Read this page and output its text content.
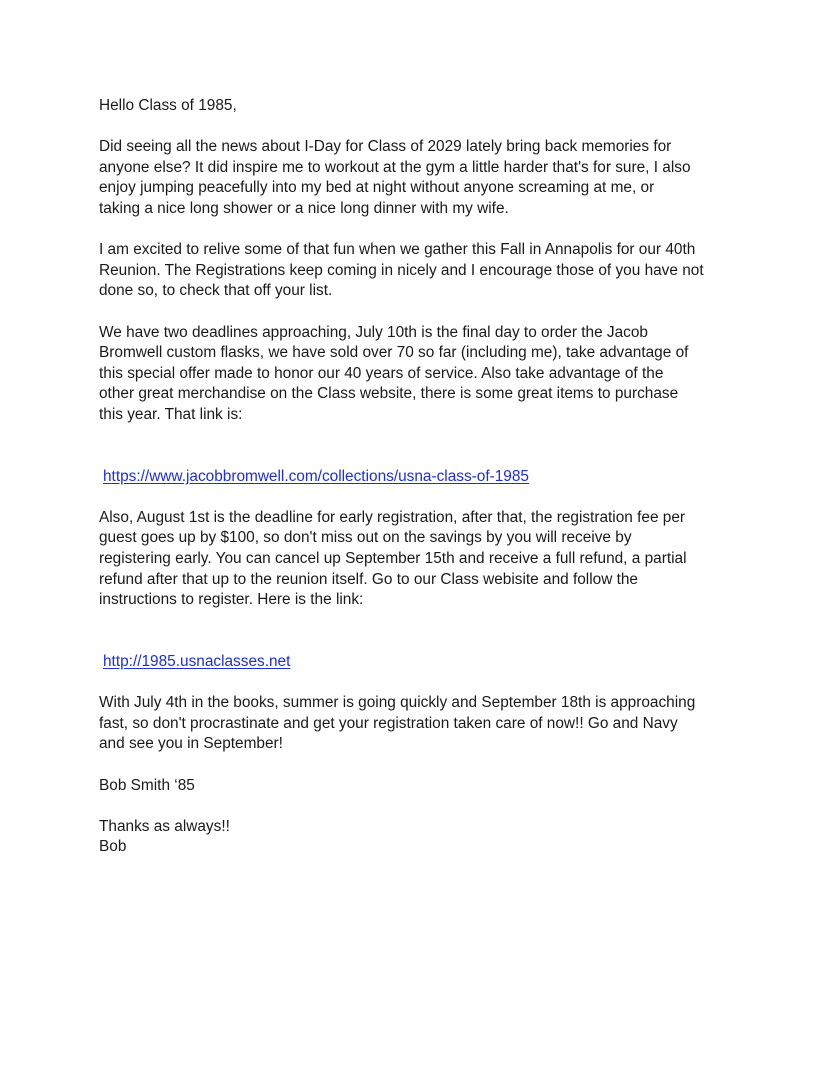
Hello Class of 1985,

Did seeing all the news about I-Day for Class of 2029 lately bring back memories for
anyone else? It did inspire me to workout at the gym a little harder that's for sure, I also
enjoy jumping peacefully into my bed at night without anyone screaming at me, or
taking a nice long shower or a nice long dinner with my wife.

I am excited to relive some of that fun when we gather this Fall in Annapolis for our 40th
Reunion. The Registrations keep coming in nicely and I encourage those of you have not
done so, to check that off your list.

We have two deadlines approaching, July 10th is the final day to order the Jacob
Bromwell custom flasks, we have sold over 70 so far (including me), take advantage of
this special offer made to honor our 40 years of service. Also take advantage of the
other great merchandise on the Class website, there is some great items to purchase
this year. That link is:

https://www.jacobbromwell.com/collections/usna-class-of-1985

Also, August 1st is the deadline for early registration, after that, the registration fee per
guest goes up by $100, so don't miss out on the savings by you will receive by
registering early. You can cancel up September 15th and receive a full refund, a partial
refund after that up to the reunion itself. Go to our Class webisite and follow the
instructions to register. Here is the link:

http://1985.usnaclasses.net

With July 4th in the books, summer is going quickly and September 18th is approaching
fast, so don't procrastinate and get your registration taken care of now!! Go and Navy
and see you in September!

Bob Smith ‘85

Thanks as always!!

Bob
